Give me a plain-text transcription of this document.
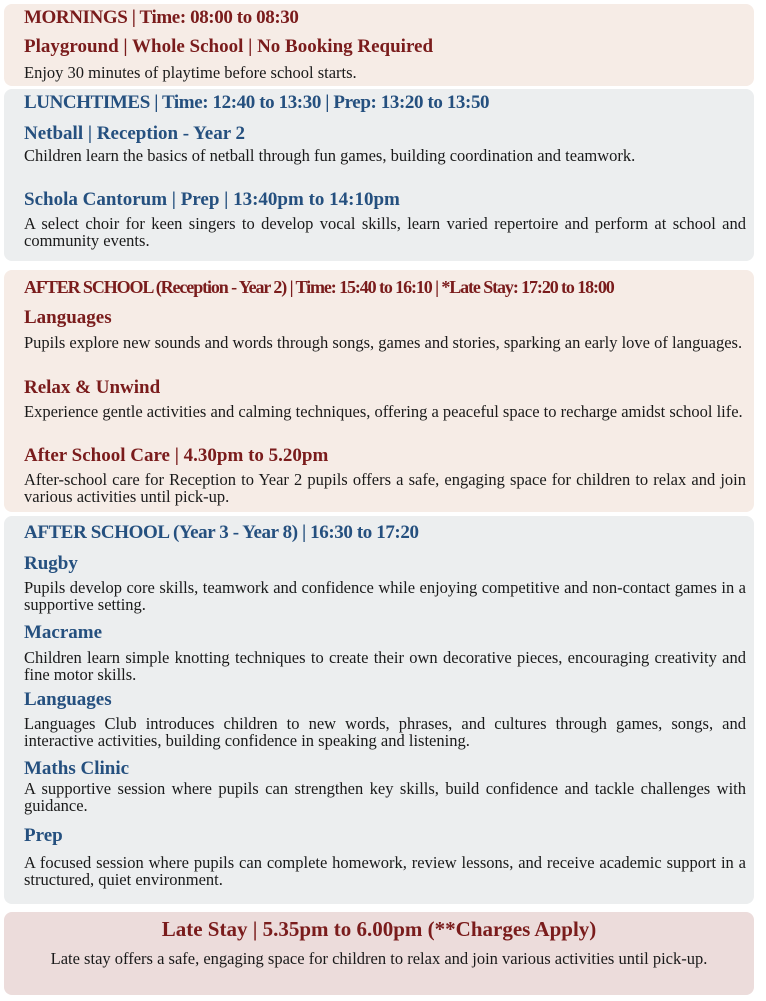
MORNINGS | Time: 08:00 to 08:30
Playground | Whole School | No Booking Required
Enjoy 30 minutes of playtime before school starts.
LUNCHTIMES | Time: 12:40 to 13:30 | Prep: 13:20 to 13:50
Netball | Reception - Year 2
Children learn the basics of netball through fun games, building coordination and teamwork.
Schola Cantorum | Prep | 13:40pm to 14:10pm
A select choir for keen singers to develop vocal skills, learn varied repertoire and perform at school and community events.
AFTER SCHOOL (Reception - Year 2) | Time: 15:40 to 16:10 | *Late Stay: 17:20 to 18:00
Languages
Pupils explore new sounds and words through songs, games and stories, sparking an early love of languages.
Relax & Unwind
Experience gentle activities and calming techniques, offering a peaceful space to recharge amidst school life.
After School Care | 4.30pm to 5.20pm
After-school care for Reception to Year 2 pupils offers a safe, engaging space for children to relax and join various activities until pick-up.
AFTER SCHOOL (Year 3 - Year 8) | 16:30 to 17:20
Rugby
Pupils develop core skills, teamwork and confidence while enjoying competitive and non-contact games in a supportive setting.
Macrame
Children learn simple knotting techniques to create their own decorative pieces, encouraging creativity and fine motor skills.
Languages
Languages Club introduces children to new words, phrases, and cultures through games, songs, and interactive activities, building confidence in speaking and listening.
Maths Clinic
A supportive session where pupils can strengthen key skills, build confidence and tackle challenges with guidance.
Prep
A focused session where pupils can complete homework, review lessons, and receive academic support in a structured, quiet environment.
Late Stay | 5.35pm to 6.00pm (**Charges Apply)
Late stay offers a safe, engaging space for children to relax and join various activities until pick-up.
